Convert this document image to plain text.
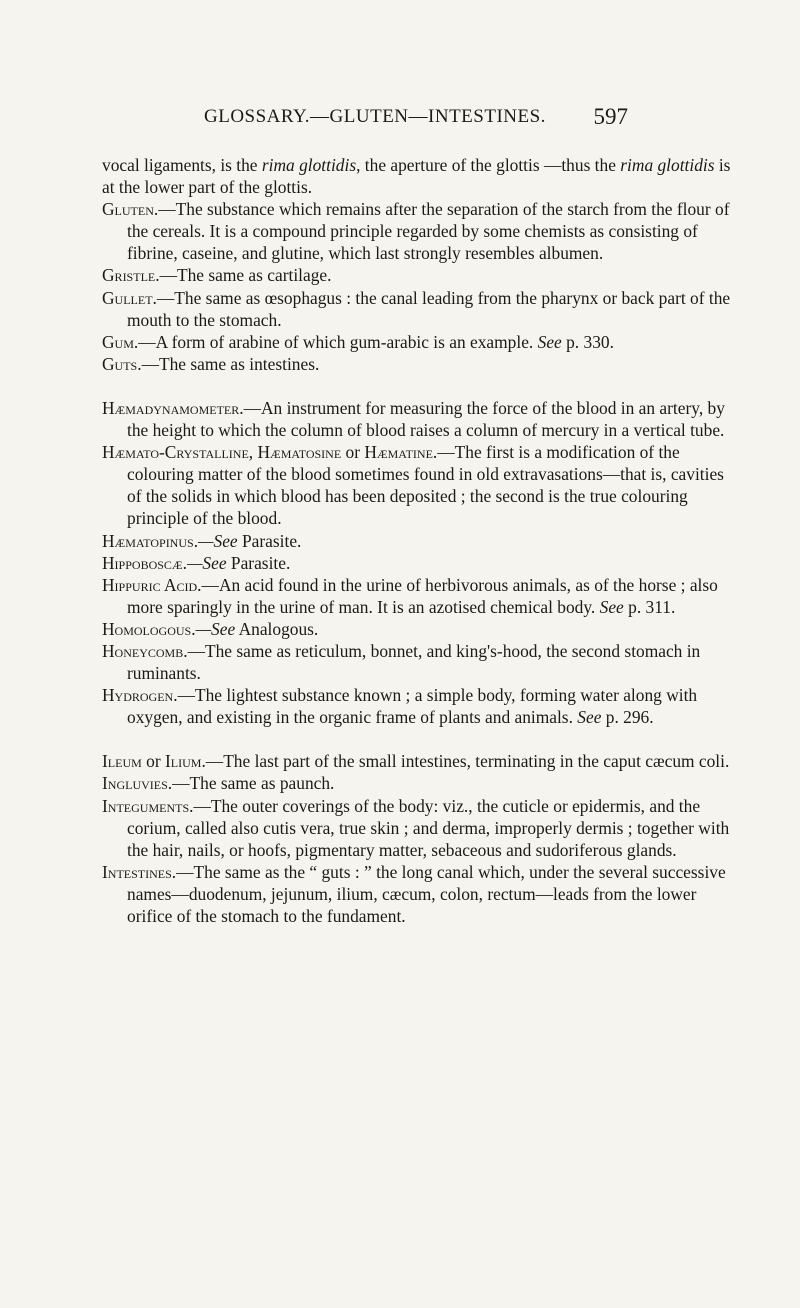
GLOSSARY.—GLUTEN—INTESTINES. 597

vocal ligaments, is the rima glottidis, the aperture of the glottis —thus the rima glottidis is at the lower part of the glottis.

Gluten.—The substance which remains after the separation of the starch from the flour of the cereals. It is a compound principle regarded by some chemists as consisting of fibrine, caseine, and glutine, which last strongly resembles albumen.

Gristle.—The same as cartilage.

Gullet.—The same as œsophagus : the canal leading from the pharynx or back part of the mouth to the stomach.

Gum.—A form of arabine of which gum-arabic is an example. See p. 330.

Guts.—The same as intestines.

Hæmadynamometer.—An instrument for measuring the force of the blood in an artery, by the height to which the column of blood raises a column of mercury in a vertical tube.

Hæmato-Crystalline, Hæmatosine or Hæmatine.—The first is a modification of the colouring matter of the blood sometimes found in old extravasations—that is, cavities of the solids in which blood has been deposited ; the second is the true colouring principle of the blood.

Hæmatopinus.—See Parasite.

Hippoboscæ.—See Parasite.

Hippuric Acid.—An acid found in the urine of herbivorous animals, as of the horse ; also more sparingly in the urine of man. It is an azotised chemical body. See p. 311.

Homologous.—See Analogous.

Honeycomb.—The same as reticulum, bonnet, and king's-hood, the second stomach in ruminants.

Hydrogen.—The lightest substance known ; a simple body, forming water along with oxygen, and existing in the organic frame of plants and animals. See p. 296.

Ileum or Ilium.—The last part of the small intestines, terminating in the caput cæcum coli.

Ingluvies.—The same as paunch.

Integuments.—The outer coverings of the body: viz., the cuticle or epidermis, and the corium, called also cutis vera, true skin ; and derma, improperly dermis ; together with the hair, nails, or hoofs, pigmentary matter, sebaceous and sudoriferous glands.

Intestines.—The same as the “ guts : ” the long canal which, under the several successive names—duodenum, jejunum, ilium, cæcum, colon, rectum—leads from the lower orifice of the stomach to the fundament.
